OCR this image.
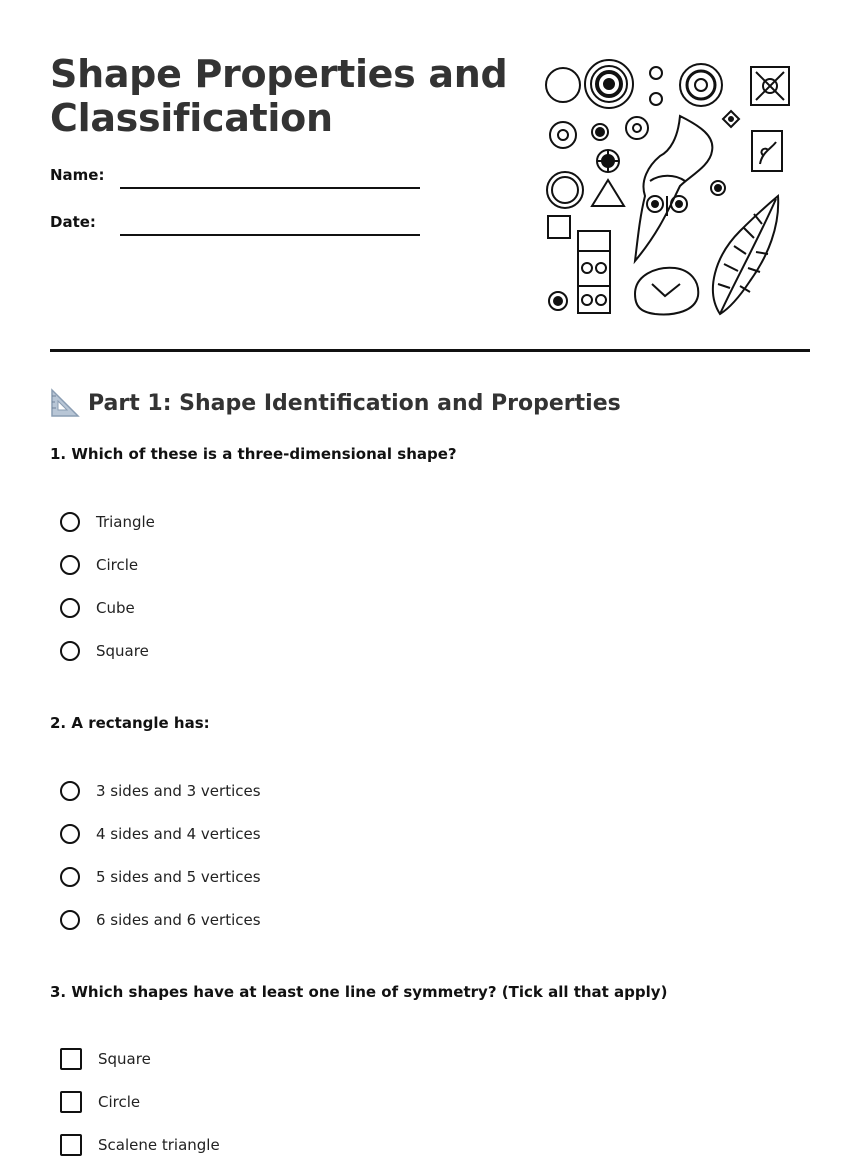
Shape Properties and Classification
Name:
Date:
Part 1: Shape Identification and Properties
1. Which of these is a three-dimensional shape?
Triangle
Circle
Cube
Square
2. A rectangle has:
3 sides and 3 vertices
4 sides and 4 vertices
5 sides and 5 vertices
6 sides and 6 vertices
3. Which shapes have at least one line of symmetry? (Tick all that apply)
Square
Circle
Scalene triangle
